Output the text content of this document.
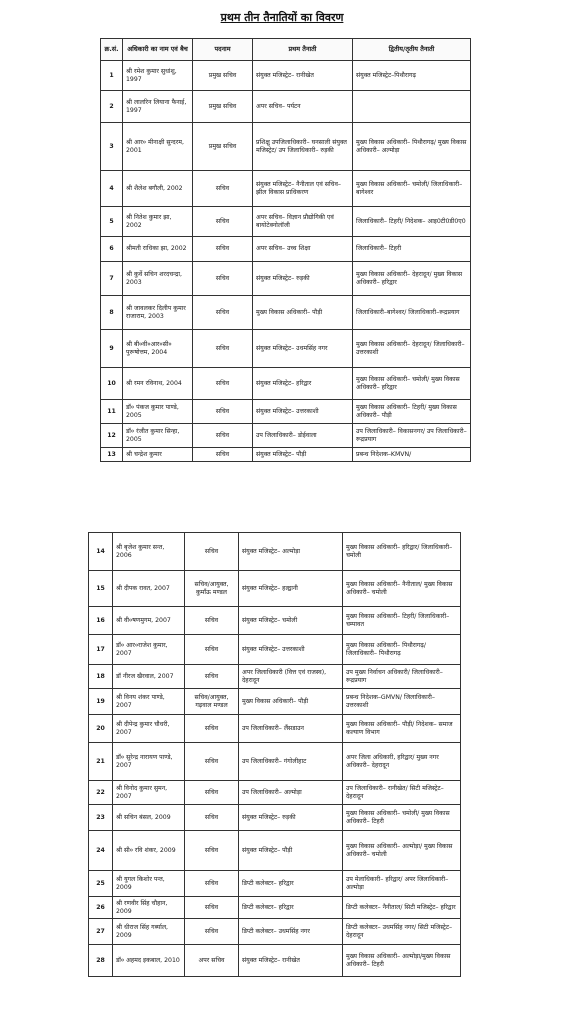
प्रथम तीन तैनातियों का विवरण
क्र.सं.	अधिकारी का नाम एवं बैच	पदनाम	प्रथम तैनाती	द्वितीय/तृतीय तैनाती
1	श्री रमेश कुमार सुधांशु, 1997	प्रमुख सचिव	संयुक्त मजिस्ट्रेट– रानीखेत	संयुक्त मजिस्ट्रेट–पिथौरागढ़
2	श्री लालरिन लियाना फैनाई, 1997	प्रमुख सचिव	अपर सचिव– पर्यटन	
3	श्री आर० मीनाक्षी सुन्दरम, 2001	प्रमुख सचिव	प्रशिक्षु उपजिलाधिकारी– घनसाली संयुक्त मजिस्ट्रेट/ उप जिलाधिकारी– रुड़की	मुख्य विकास अधिकारी– पिथौरागढ़/ मुख्य विकास अधिकारी– अल्मोड़ा
4	श्री शैलेश बगौली, 2002	सचिव	संयुक्त मजिस्ट्रेट– नैनीताल एवं सचिव– झील विकास प्राधिकरण	मुख्य विकास अधिकारी– चमोली/ जिलाधिकारी– बागेश्वर
5	श्री नितेश कुमार झा, 2002	सचिव	अपर सचिव– विज्ञान प्रौद्योगिकी एवं बायोटेक्नोलॉजी	जिलाधिकारी– टिहरी/ निदेशक– आइ0टी0डी0ए0
6	श्रीमती राधिका झा, 2002	सचिव	अपर सचिव– उच्च शिक्षा	जिलाधिकारी– टिहरी
7	श्री कुर्वे सचिन शरदचन्द्रा, 2003	सचिव	संयुक्त मजिस्ट्रेट– रुड़की	मुख्य विकास अधिकारी– देहरादून/ मुख्य विकास अधिकारी– हरिद्वार
8	श्री जावलकर दिलीप कुमार राजाराम, 2003	सचिव	मुख्य विकास अधिकारी– पौड़ी	जिलाधिकारी–बागेश्वर/ जिलाधिकारी–रूद्रप्रयाग
9	श्री बी०वी०आर०सी० पुरूषोत्तम, 2004	सचिव	संयुक्त मजिस्ट्रेट– उधमसिंह नगर	मुख्य विकास अधिकारी– देहरादून/ जिलाधिकारी– उत्तरकाशी
10	श्री रमन रविनाथ, 2004	सचिव	संयुक्त मजिस्ट्रेट– हरिद्वार	मुख्य विकास अधिकारी– चमोली/ मुख्य विकास अधिकारी– हरिद्वार
11	डॉ० पंकज कुमार पाण्डे, 2005	सचिव	संयुक्त मजिस्ट्रेट– उत्तरकाशी	मुख्य विकास अधिकारी– टिहरी/ मुख्य विकास अधिकारी– पौड़ी
12	डॉ० रंजीत कुमार सिन्हा, 2005	सचिव	उप जिलाधिकारी– डोईवाला	उप जिलाधिकारी– विकासनगर/ उप जिलाधिकारी– रूद्रप्रयाग
13	श्री चन्द्रेश कुमार	सचिव	संयुक्त मजिस्ट्रेट– पौड़ी	प्रबन्ध निदेशक–KMVN/
14	श्री बृजेश कुमार सन्त, 2006	सचिव	संयुक्त मजिस्ट्रेट– अल्मोड़ा	मुख्य विकास अधिकारी– हरिद्वार/ जिलाधिकारी– चमोली
15	श्री दीपक रावत, 2007	सचिव/आयुक्त, कुमाँऊ मण्डल	संयुक्त मजिस्ट्रेट– हल्द्वानी	मुख्य विकास अधिकारी– नैनीताल/ मुख्य विकास अधिकारी– चमोली
16	श्री वी०षणमुगम, 2007	सचिव	संयुक्त मजिस्ट्रेट– चमोली	मुख्य विकास अधिकारी– टिहरी/ जिलाधिकारी– चम्पावत
17	डॉ० आर०राजेश कुमार, 2007	सचिव	संयुक्त मजिस्ट्रेट– उत्तरकाशी	मुख्य विकास अधिकारी– पिथौरागढ़/ जिलाधिकारी– पिथौरागढ़
18	डॉ नीरज खैरवाल, 2007	सचिव	अपर जिलाधिकारी (वित्त एवं राजस्व), देहरादून	उप मुख्य निर्वाचन अधिकारी/ जिलाधिकारी– रूद्रप्रयाग
19	श्री विनय शंकर पाण्डे, 2007	सचिव/आयुक्त, गढ़वाल मण्डल	मुख्य विकास अधिकारी– पौड़ी	प्रबन्ध निदेशक–GMVN/ जिलाधिकारी– उत्तरकाशी
20	श्री दीपेन्द्र कुमार चौधरी, 2007	सचिव	उप जिलाधिकारी– लैंसडाउन	मुख्य विकास अधिकारी– पौड़ी/ निदेशक– समाज कल्याण विभाग
21	डॉ० सुरेन्द्र नारायण पाण्डे, 2007	सचिव	उप जिलाधिकारी– गंगोलीहाट	अपर जिला अधिकारी, हरिद्वार/ मुख्य नगर अधिकारी– देहरादून
22	श्री विनोद कुमार सुमन, 2007	सचिव	उप जिलाधिकारी– अल्मोड़ा	उप जिलाधिकारी– रानीखेत/ सिटी मजिस्ट्रेट– देहरादून
23	श्री सचिन बंसल, 2009	सचिव	संयुक्त मजिस्ट्रेट– रुड़की	मुख्य विकास अधिकारी– चमोली/ मुख्य विकास अधिकारी– टिहरी
24	श्री सी० रवि शंकर, 2009	सचिव	संयुक्त मजिस्ट्रेट– पौड़ी	मुख्य विकास अधिकारी– अल्मोड़ा/ मुख्य विकास अधिकारी– चमोली
25	श्री युगल किशोर पन्त, 2009	सचिव	डिप्टी कलेक्टर– हरिद्वार	उप मेलाधिकारी– हरिद्वार/ अपर जिलाधिकारी– अल्मोड़ा
26	श्री रणवीर सिंह चौहान, 2009	सचिव	डिप्टी कलेक्टर– हरिद्वार	डिप्टी कलेक्टर– नैनीताल/ सिटी मजिस्ट्रेट– हरिद्वार
27	श्री धीराज सिंह गर्ब्याल, 2009	सचिव	डिप्टी कलेक्टर– उधमसिंह नगर	डिप्टी कलेक्टर– उधमसिंह नगर/ सिटी मजिस्ट्रेट– देहरादून
28	डॉ० अहमद इकबाल, 2010	अपर सचिव	संयुक्त मजिस्ट्रेट– रानीखेत	मुख्य विकास अधिकारी– अल्मोड़ा/मुख्य विकास अधिकारी– टिहरी
